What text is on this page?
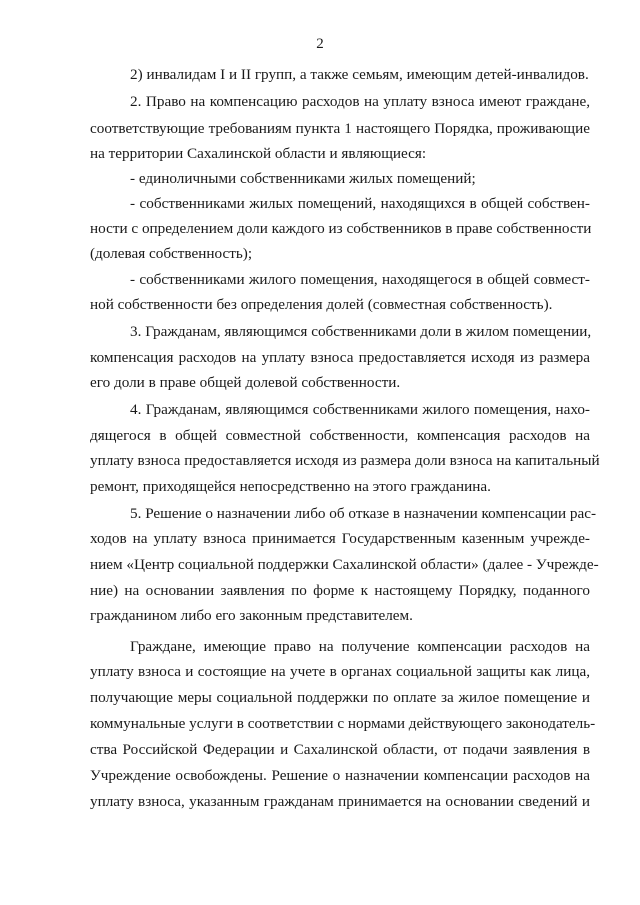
2
2) инвалидам I и II групп, а также семьям, имеющим детей-инвалидов.
2. Право на компенсацию расходов на уплату взноса имеют граждане,
соответствующие требованиям пункта 1 настоящего Порядка, проживающие
на территории Сахалинской области и являющиеся:
- единоличными собственниками жилых помещений;
- собственниками жилых помещений, находящихся в общей собствен-
ности с определением доли каждого из собственников в праве собственности
(долевая собственность);
- собственниками жилого помещения, находящегося в общей совмест-
ной собственности без определения долей (совместная собственность).
3. Гражданам, являющимся собственниками доли в жилом помещении,
компенсация расходов на уплату взноса предоставляется исходя из размера
его доли в праве общей долевой собственности.
4. Гражданам, являющимся собственниками жилого помещения, нахо-
дящегося в общей совместной собственности, компенсация расходов на
уплату взноса предоставляется исходя из размера доли взноса на капитальный
ремонт, приходящейся непосредственно на этого гражданина.
5. Решение о назначении либо об отказе в назначении компенсации рас-
ходов на уплату взноса принимается Государственным казенным учрежде-
нием «Центр социальной поддержки Сахалинской области» (далее - Учрежде-
ние) на основании заявления по форме к настоящему Порядку, поданного
гражданином либо его законным представителем.
Граждане, имеющие право на получение компенсации расходов на
уплату взноса и состоящие на учете в органах социальной защиты как лица,
получающие меры социальной поддержки по оплате за жилое помещение и
коммунальные услуги в соответствии с нормами действующего законодатель-
ства Российской Федерации и Сахалинской области, от подачи заявления в
Учреждение освобождены. Решение о назначении компенсации расходов на
уплату взноса, указанным гражданам принимается на основании сведений и
